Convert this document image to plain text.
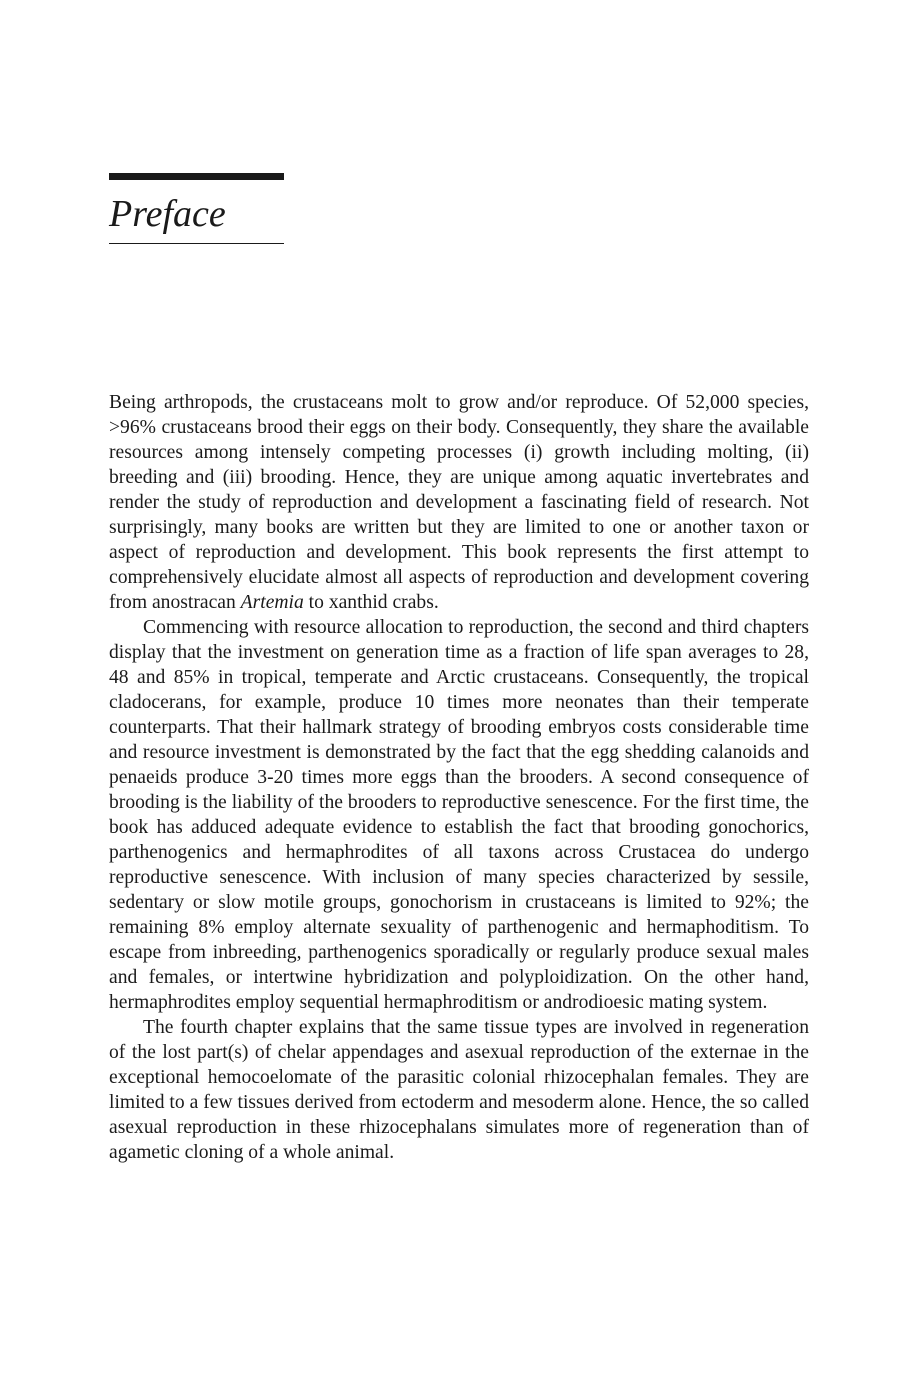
Preface

Being arthropods, the crustaceans molt to grow and/or reproduce. Of 52,000 species, >96% crustaceans brood their eggs on their body. Consequently, they share the available resources among intensely competing processes (i) growth including molting, (ii) breeding and (iii) brooding. Hence, they are unique among aquatic invertebrates and render the study of reproduction and development a fascinating field of research. Not surprisingly, many books are written but they are limited to one or another taxon or aspect of reproduction and development. This book represents the first attempt to comprehensively elucidate almost all aspects of reproduction and development covering from anostracan Artemia to xanthid crabs.

Commencing with resource allocation to reproduction, the second and third chapters display that the investment on generation time as a fraction of life span averages to 28, 48 and 85% in tropical, temperate and Arctic crustaceans. Consequently, the tropical cladocerans, for example, produce 10 times more neonates than their temperate counterparts. That their hallmark strategy of brooding embryos costs considerable time and resource investment is demonstrated by the fact that the egg shedding calanoids and penaeids produce 3-20 times more eggs than the brooders. A second consequence of brooding is the liability of the brooders to reproductive senescence. For the first time, the book has adduced adequate evidence to establish the fact that brooding gonochorics, parthenogenics and hermaphrodites of all taxons across Crustacea do undergo reproductive senescence. With inclusion of many species characterized by sessile, sedentary or slow motile groups, gonochorism in crustaceans is limited to 92%; the remaining 8% employ alternate sexuality of parthenogenic and hermaphoditism. To escape from inbreeding, parthenogenics sporadically or regularly produce sexual males and females, or intertwine hybridization and polyploidization. On the other hand, hermaphrodites employ sequential hermaphroditism or androdioesic mating system.

The fourth chapter explains that the same tissue types are involved in regeneration of the lost part(s) of chelar appendages and asexual reproduction of the externae in the exceptional hemocoelomate of the parasitic colonial rhizocephalan females. They are limited to a few tissues derived from ectoderm and mesoderm alone. Hence, the so called asexual reproduction in these rhizocephalans simulates more of regeneration than of agametic cloning of a whole animal.
